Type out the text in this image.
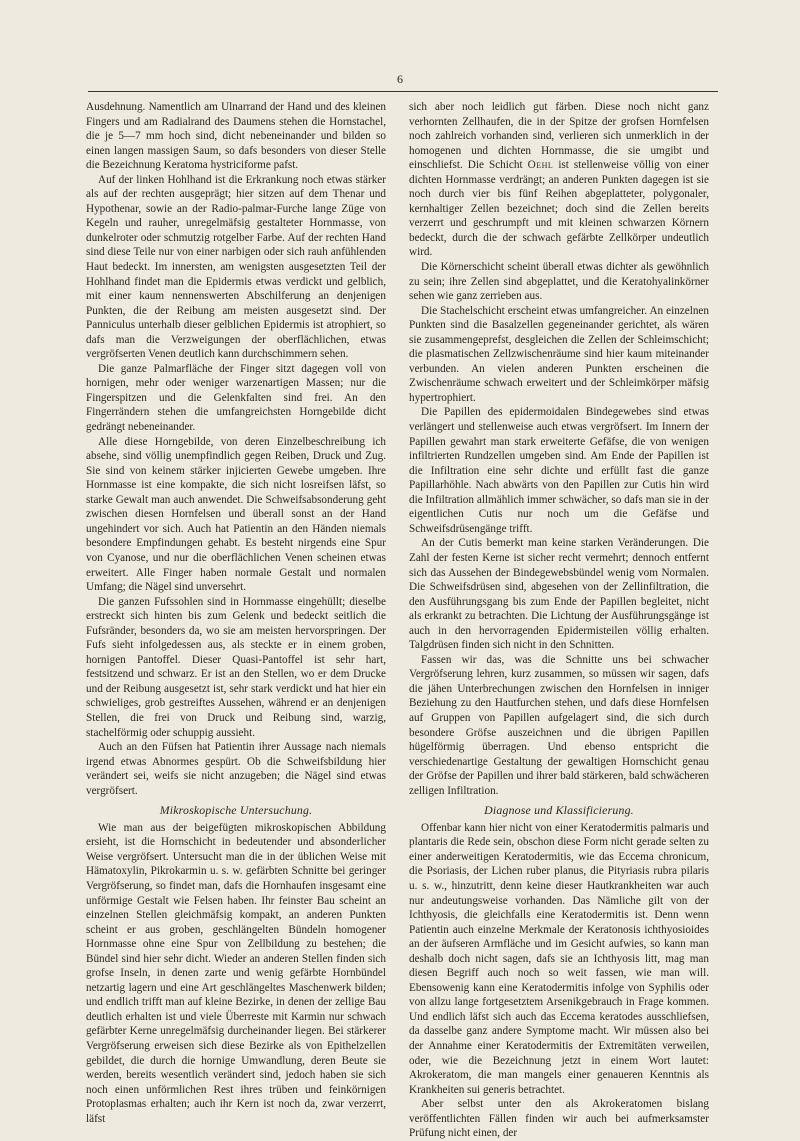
6

Ausdehnung. Namentlich am Ulnarrand der Hand und des kleinen Fingers und am Radialrand des Daumens stehen die Hornstachel, die je 5—7 mm hoch sind, dicht nebeneinander und bilden so einen langen massigen Saum, so dafs besonders von dieser Stelle die Bezeichnung Keratoma hystriciforme pafst.

Auf der linken Hohlhand ist die Erkrankung noch etwas stärker als auf der rechten ausgeprägt; hier sitzen auf dem Thenar und Hypothenar, sowie an der Radio-palmar-Furche lange Züge von Kegeln und rauher, unregelmäfsig gestalteter Hornmasse, von dunkelroter oder schmutzig rotgelber Farbe. Auf der rechten Hand sind diese Teile nur von einer narbigen oder sich rauh anfühlenden Haut bedeckt. Im innersten, am wenigsten ausgesetzten Teil der Hohlhand findet man die Epidermis etwas verdickt und gelblich, mit einer kaum nennenswerten Abschilferung an denjenigen Punkten, die der Reibung am meisten ausgesetzt sind. Der Panniculus unterhalb dieser gelblichen Epidermis ist atrophiert, so dafs man die Verzweigungen der oberflächlichen, etwas vergröfserten Venen deutlich kann durchschimmern sehen.

Die ganze Palmarfläche der Finger sitzt dagegen voll von hornigen, mehr oder weniger warzenartigen Massen; nur die Fingerspitzen und die Gelenkfalten sind frei. An den Fingerrändern stehen die umfangreichsten Horngebilde dicht gedrängt nebeneinander.

Alle diese Horngebilde, von deren Einzelbeschreibung ich absehe, sind völlig unempfindlich gegen Reiben, Druck und Zug. Sie sind von keinem stärker injicierten Gewebe umgeben. Ihre Hornmasse ist eine kompakte, die sich nicht losreifsen läfst, so starke Gewalt man auch anwendet. Die Schweifsabsonderung geht zwischen diesen Hornfelsen und überall sonst an der Hand ungehindert vor sich. Auch hat Patientin an den Händen niemals besondere Empfindungen gehabt. Es besteht nirgends eine Spur von Cyanose, und nur die oberflächlichen Venen scheinen etwas erweitert. Alle Finger haben normale Gestalt und normalen Umfang; die Nägel sind unversehrt.

Die ganzen Fufssohlen sind in Hornmasse eingehüllt; dieselbe erstreckt sich hinten bis zum Gelenk und bedeckt seitlich die Fufsränder, besonders da, wo sie am meisten hervorspringen. Der Fufs sieht infolgedessen aus, als steckte er in einem groben, hornigen Pantoffel. Dieser Quasi-Pantoffel ist sehr hart, festsitzend und schwarz. Er ist an den Stellen, wo er dem Drucke und der Reibung ausgesetzt ist, sehr stark verdickt und hat hier ein schwieliges, grob gestreiftes Aussehen, während er an denjenigen Stellen, die frei von Druck und Reibung sind, warzig, stachelförmig oder schuppig aussieht.

Auch an den Füfsen hat Patientin ihrer Aussage nach niemals irgend etwas Abnormes gespürt. Ob die Schweifsbildung hier verändert sei, weifs sie nicht anzugeben; die Nägel sind etwas vergröfsert.

Mikroskopische Untersuchung.

Wie man aus der beigefügten mikroskopischen Abbildung ersieht, ist die Hornschicht in bedeutender und absonderlicher Weise vergröfsert. Untersucht man die in der üblichen Weise mit Hämatoxylin, Pikrokarmin u. s. w. gefärbten Schnitte bei geringer Vergröfserung, so findet man, dafs die Hornhaufen insgesamt eine unförmige Gestalt wie Felsen haben. Ihr feinster Bau scheint an einzelnen Stellen gleichmäfsig kompakt, an anderen Punkten scheint er aus groben, geschlängelten Bündeln homogener Hornmasse ohne eine Spur von Zellbildung zu bestehen; die Bündel sind hier sehr dicht. Wieder an anderen Stellen finden sich grofse Inseln, in denen zarte und wenig gefärbte Hornbündel netzartig lagern und eine Art geschlängeltes Maschenwerk bilden; und endlich trifft man auf kleine Bezirke, in denen der zellige Bau deutlich erhalten ist und viele Überreste mit Karmin nur schwach gefärbter Kerne unregelmäfsig durcheinander liegen. Bei stärkerer Vergröfserung erweisen sich diese Bezirke als von Epithelzellen gebildet, die durch die hornige Umwandlung, deren Beute sie werden, bereits wesentlich verändert sind, jedoch haben sie sich noch einen unförmlichen Rest ihres trüben und feinkörnigen Protoplasmas erhalten; auch ihr Kern ist noch da, zwar verzerrt, läfst

sich aber noch leidlich gut färben. Diese noch nicht ganz verhornten Zellhaufen, die in der Spitze der grofsen Hornfelsen noch zahlreich vorhanden sind, verlieren sich unmerklich in der homogenen und dichten Hornmasse, die sie umgibt und einschliefst. Die Schicht Oehl ist stellenweise völlig von einer dichten Hornmasse verdrängt; an anderen Punkten dagegen ist sie noch durch vier bis fünf Reihen abgeplatteter, polygonaler, kernhaltiger Zellen bezeichnet; doch sind die Zellen bereits verzerrt und geschrumpft und mit kleinen schwarzen Körnern bedeckt, durch die der schwach gefärbte Zellkörper undeutlich wird.

Die Körnerschicht scheint überall etwas dichter als gewöhnlich zu sein; ihre Zellen sind abgeplattet, und die Keratohyalinkörner sehen wie ganz zerrieben aus.

Die Stachelschicht erscheint etwas umfangreicher. An einzelnen Punkten sind die Basalzellen gegeneinander gerichtet, als wären sie zusammengeprefst, desgleichen die Zellen der Schleimschicht; die plasmatischen Zellzwischenräume sind hier kaum miteinander verbunden. An vielen anderen Punkten erscheinen die Zwischenräume schwach erweitert und der Schleimkörper mäfsig hypertrophiert.

Die Papillen des epidermoidalen Bindegewebes sind etwas verlängert und stellenweise auch etwas vergröfsert. Im Innern der Papillen gewahrt man stark erweiterte Gefäfse, die von wenigen infiltrierten Rundzellen umgeben sind. Am Ende der Papillen ist die Infiltration eine sehr dichte und erfüllt fast die ganze Papillarhöhle. Nach abwärts von den Papillen zur Cutis hin wird die Infiltration allmählich immer schwächer, so dafs man sie in der eigentlichen Cutis nur noch um die Gefäfse und Schweifsdrüsengänge trifft.

An der Cutis bemerkt man keine starken Veränderungen. Die Zahl der festen Kerne ist sicher recht vermehrt; dennoch entfernt sich das Aussehen der Bindegewebsbündel wenig vom Normalen. Die Schweifsdrüsen sind, abgesehen von der Zellinfiltration, die den Ausführungsgang bis zum Ende der Papillen begleitet, nicht als erkrankt zu betrachten. Die Lichtung der Ausführungsgänge ist auch in den hervorragenden Epidermisteilen völlig erhalten. Talgdrüsen finden sich nicht in den Schnitten.

Fassen wir das, was die Schnitte uns bei schwacher Vergröfserung lehren, kurz zusammen, so müssen wir sagen, dafs die jähen Unterbrechungen zwischen den Hornfelsen in inniger Beziehung zu den Hautfurchen stehen, und dafs diese Hornfelsen auf Gruppen von Papillen aufgelagert sind, die sich durch besondere Gröfse auszeichnen und die übrigen Papillen hügelförmig überragen. Und ebenso entspricht die verschiedenartige Gestaltung der gewaltigen Hornschicht genau der Gröfse der Papillen und ihrer bald stärkeren, bald schwächeren zelligen Infiltration.

Diagnose und Klassificierung.

Offenbar kann hier nicht von einer Keratodermitis palmaris und plantaris die Rede sein, obschon diese Form nicht gerade selten zu einer anderweitigen Keratodermitis, wie das Eccema chronicum, die Psoriasis, der Lichen ruber planus, die Pityriasis rubra pilaris u. s. w., hinzutritt, denn keine dieser Hautkrankheiten war auch nur andeutungsweise vorhanden. Das Nämliche gilt von der Ichthyosis, die gleichfalls eine Keratodermitis ist. Denn wenn Patientin auch einzelne Merkmale der Keratonosis ichthyosioides an der äufseren Armfläche und im Gesicht aufwies, so kann man deshalb doch nicht sagen, dafs sie an Ichthyosis litt, mag man diesen Begriff auch noch so weit fassen, wie man will. Ebensowenig kann eine Keratodermitis infolge von Syphilis oder von allzu lange fortgesetztem Arsenikgebrauch in Frage kommen. Und endlich läfst sich auch das Eccema keratodes ausschliefsen, da dasselbe ganz andere Symptome macht. Wir müssen also bei der Annahme einer Keratodermitis der Extremitäten verweilen, oder, wie die Bezeichnung jetzt in einem Wort lautet: Akrokeratom, die man mangels einer genaueren Kenntnis als Krankheiten sui generis betrachtet.

Aber selbst unter den als Akrokeratomen bislang veröffentlichten Fällen finden wir auch bei aufmerksamster Prüfung nicht einen, der
